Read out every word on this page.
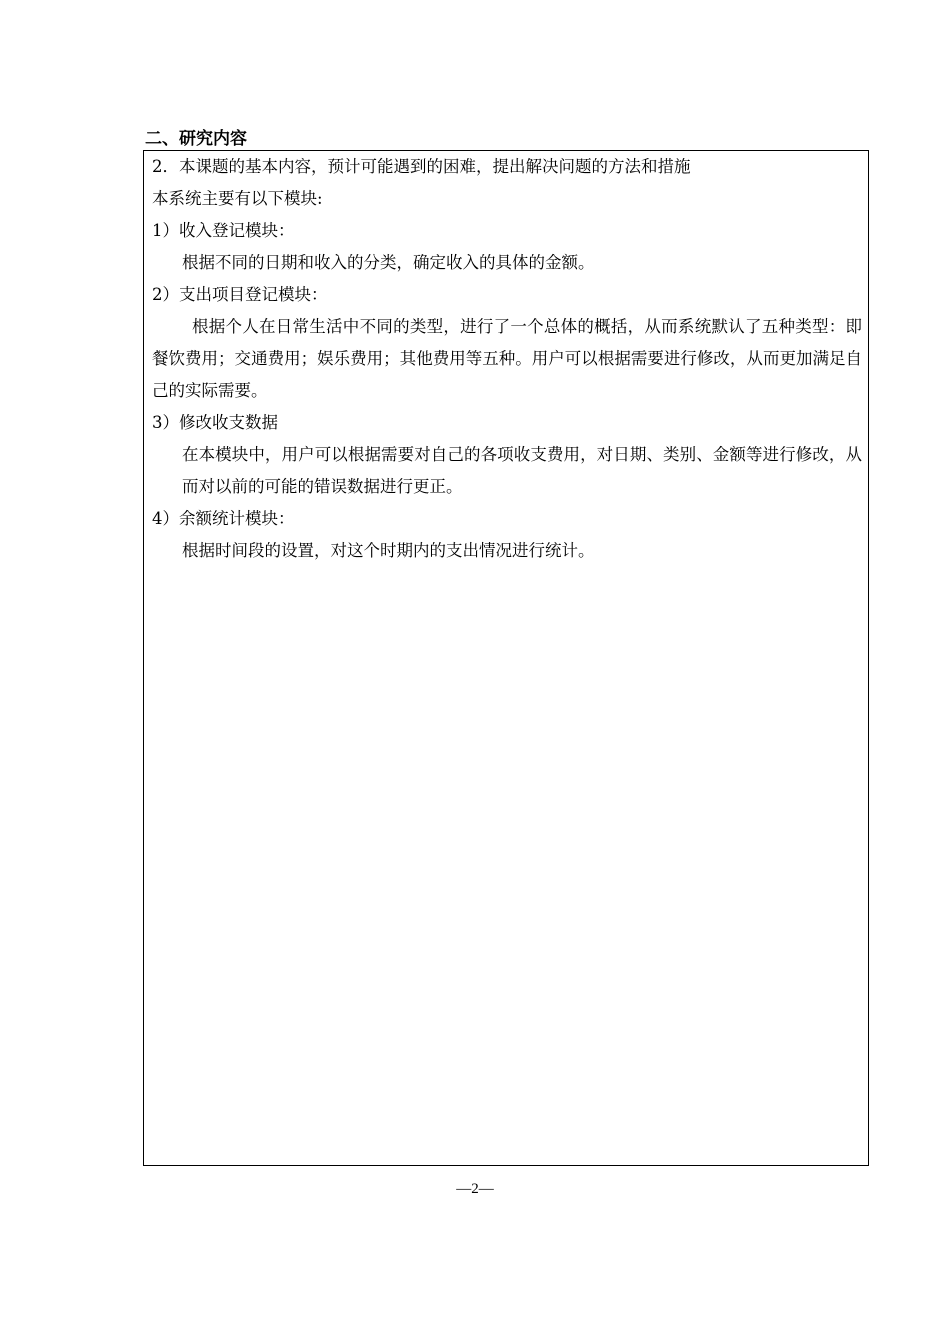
二、研究内容

2．本课题的基本内容，预计可能遇到的困难，提出解决问题的方法和措施

本系统主要有以下模块:

1）收入登记模块：

根据不同的日期和收入的分类，确定收入的具体的金额。

2）支出项目登记模块：

根据个人在日常生活中不同的类型，进行了一个总体的概括，从而系统默认了五种类型：即餐饮费用；交通费用；娱乐费用；其他费用等五种。用户可以根据需要进行修改，从而更加满足自己的实际需要。

3）修改收支数据

在本模块中，用户可以根据需要对自己的各项收支费用，对日期、类别、金额等进行修改，从而对以前的可能的错误数据进行更正。

4）余额统计模块：

根据时间段的设置，对这个时期内的支出情况进行统计。

—2—
